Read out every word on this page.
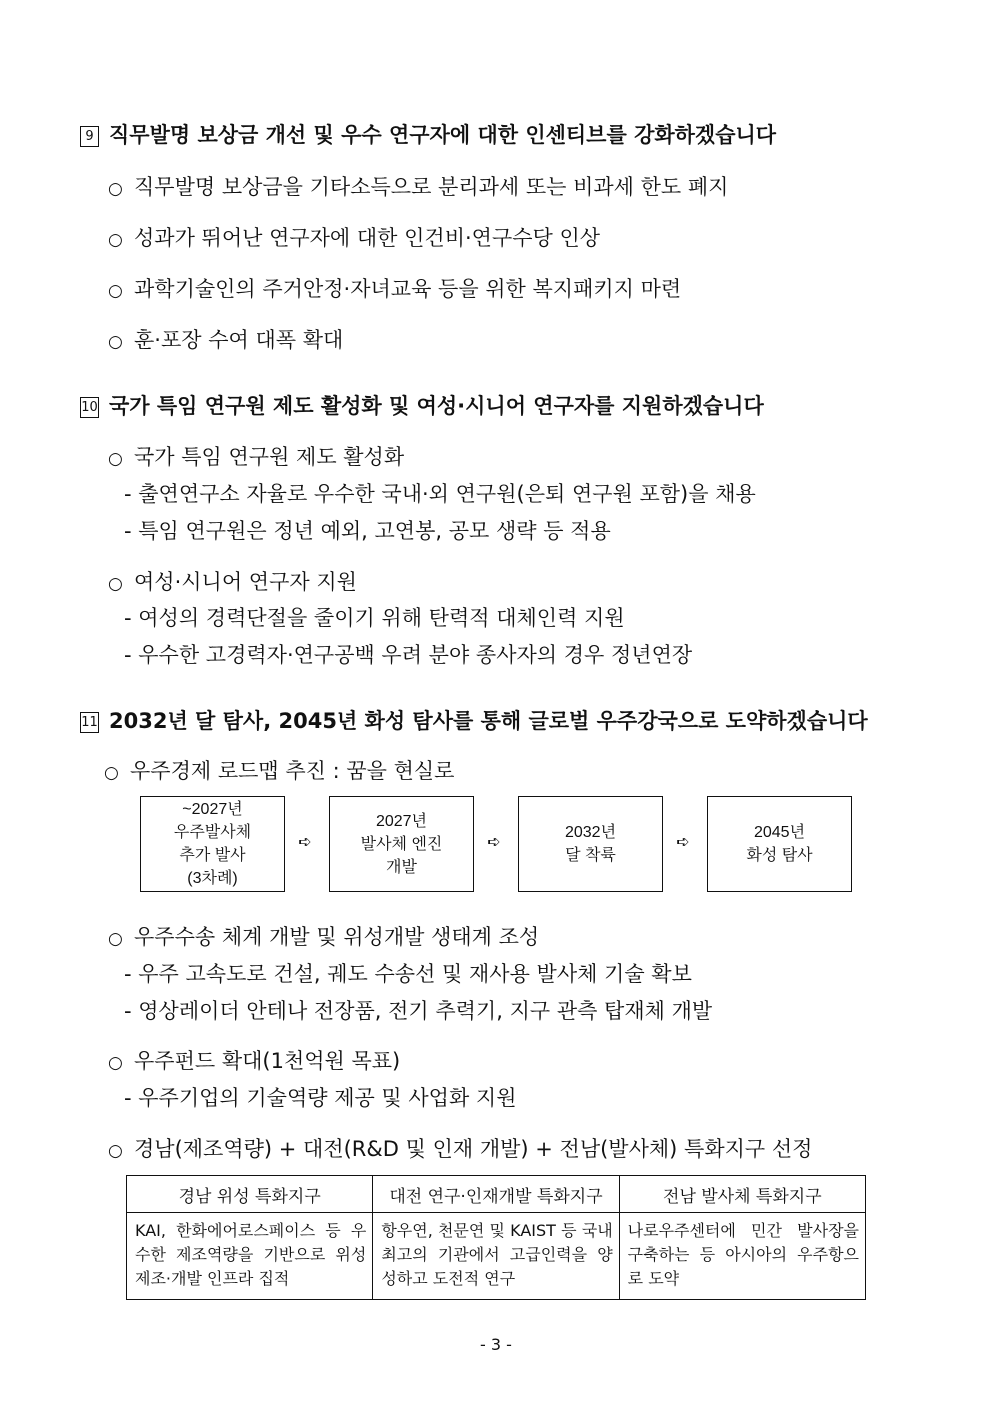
9 직무발명 보상금 개선 및 우수 연구자에 대한 인센티브를 강화하겠습니다
○ 직무발명 보상금을 기타소득으로 분리과세 또는 비과세 한도 폐지
○ 성과가 뛰어난 연구자에 대한 인건비·연구수당 인상
○ 과학기술인의 주거안정·자녀교육 등을 위한 복지패키지 마련
○ 훈·포장 수여 대폭 확대
10 국가 특임 연구원 제도 활성화 및 여성·시니어 연구자를 지원하겠습니다
○ 국가 특임 연구원 제도 활성화
- 출연연구소 자율로 우수한 국내·외 연구원(은퇴 연구원 포함)을 채용
- 특임 연구원은 정년 예외, 고연봉, 공모 생략 등 적용
○ 여성·시니어 연구자 지원
- 여성의 경력단절을 줄이기 위해 탄력적 대체인력 지원
- 우수한 고경력자·연구공백 우려 분야 종사자의 경우 정년연장
11 2032년 달 탐사, 2045년 화성 탐사를 통해 글로벌 우주강국으로 도약하겠습니다
○ 우주경제 로드맵 추진 : 꿈을 현실로
~2027년
우주발사체
추가 발사
(3차례)
➪
2027년
발사체 엔진
개발
➪	2032년
달 착륙
➪	2045년
화성 탐사
○ 우주수송 체계 개발 및 위성개발 생태계 조성
- 우주 고속도로 건설, 궤도 수송선 및 재사용 발사체 기술 확보
- 영상레이더 안테나 전장품, 전기 추력기, 지구 관측 탑재체 개발
○ 우주펀드 확대(1천억원 목표)
- 우주기업의 기술역량 제공 및 사업화 지원
○ 경남(제조역량) + 대전(R&D 및 인재 개발) + 전남(발사체) 특화지구 선정
경남 위성 특화지구	대전 연구·인재개발 특화지구	전남 발사체 특화지구
KAI, 한화에어로스페이스 등 우수한 제조역량을 기반으로 위성 제조·개발 인프라 집적	항우연, 천문연 및 KAIST 등 국내 최고의 기관에서 고급인력을 양성하고 도전적 연구	나로우주센터에 민간 발사장을 구축하는 등 아시아의 우주항으로 도약
- 3 -
